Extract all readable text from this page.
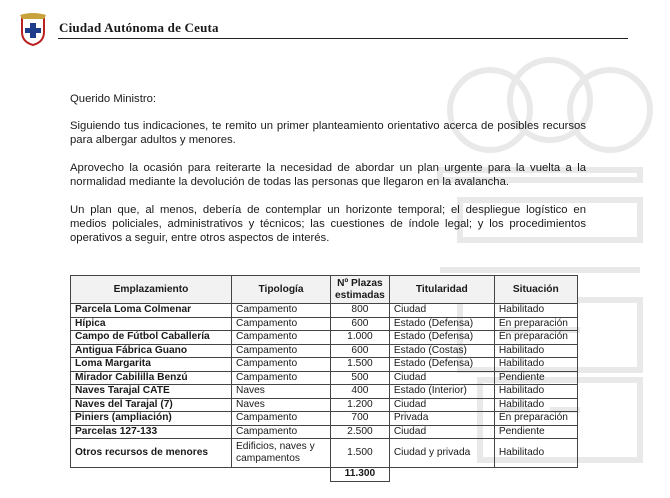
Ciudad Autónoma de Ceuta

Querido Ministro:

Siguiendo tus indicaciones, te remito un primer planteamiento orientativo acerca de posibles recursos para albergar adultos y menores.

Aprovecho la ocasión para reiterarte la necesidad de abordar un plan urgente para la vuelta a la normalidad mediante la devolución de todas las personas que llegaron en la avalancha.

Un plan que, al menos, debería de contemplar un horizonte temporal; el despliegue logístico en medios policiales, administrativos y técnicos; las cuestiones de índole legal; y los procedimientos operativos a seguir, entre otros aspectos de interés.

Emplazamiento	Tipología	Nº Plazas estimadas	Titularidad	Situación
Parcela Loma Colmenar	Campamento	800	Ciudad	Habilitado
Hípica	Campamento	600	Estado (Defensa)	En preparación
Campo de Fútbol Caballería	Campamento	1.000	Estado (Defensa)	En preparación
Antigua Fábrica Guano	Campamento	600	Estado (Costas)	Habilitado
Loma Margarita	Campamento	1.500	Estado (Defensa)	Habilitado
Mirador Cabililla Benzú	Campamento	500	Ciudad	Pendiente
Naves Tarajal CATE	Naves	400	Estado (Interior)	Habilitado
Naves del Tarajal (7)	Naves	1.200	Ciudad	Habilitado
Piniers (ampliación)	Campamento	700	Privada	En preparación
Parcelas 127-133	Campamento	2.500	Ciudad	Pendiente
Otros recursos de menores	Edificios, naves y campamentos	1.500	Ciudad y privada	Habilitado
		11.300		
